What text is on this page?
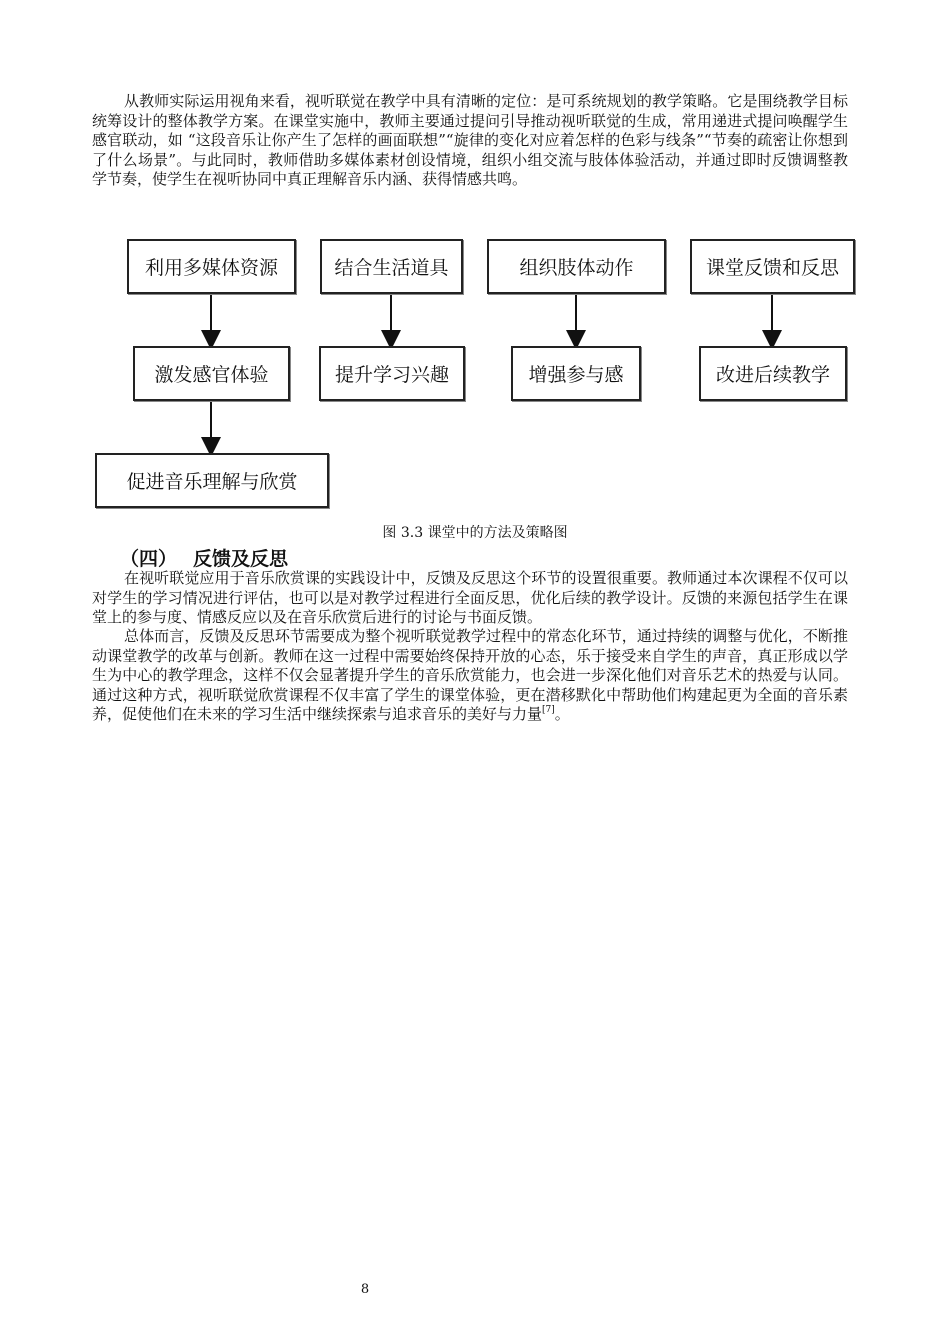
从教师实际运用视角来看，视听联觉在教学中具有清晰的定位：是可系统规划的教学策略。它是围绕教学目标统筹设计的整体教学方案。在课堂实施中，教师主要通过提问引导推动视听联觉的生成，常用递进式提问唤醒学生感官联动，如 “这段音乐让你产生了怎样的画面联想”“旋律的变化对应着怎样的色彩与线条”“节奏的疏密让你想到了什么场景”。与此同时，教师借助多媒体素材创设情境，组织小组交流与肢体体验活动，并通过即时反馈调整教学节奏，使学生在视听协同中真正理解音乐内涵、获得情感共鸣。

利用多媒体资源	结合生活道具	组织肢体动作	课堂反馈和反思
激发感官体验	提升学习兴趣	增强参与感	改进后续教学
促进音乐理解与欣赏
图 3.3 课堂中的方法及策略图
（四） 反馈及反思

在视听联觉应用于音乐欣赏课的实践设计中，反馈及反思这个环节的设置很重要。教师通过本次课程不仅可以对学生的学习情况进行评估，也可以是对教学过程进行全面反思，优化后续的教学设计。反馈的来源包括学生在课堂上的参与度、情感反应以及在音乐欣赏后进行的讨论与书面反馈。

总体而言，反馈及反思环节需要成为整个视听联觉教学过程中的常态化环节，通过持续的调整与优化，不断推动课堂教学的改革与创新。教师在这一过程中需要始终保持开放的心态，乐于接受来自学生的声音，真正形成以学生为中心的教学理念，这样不仅会显著提升学生的音乐欣赏能力，也会进一步深化他们对音乐艺术的热爱与认同。通过这种方式，视听联觉欣赏课程不仅丰富了学生的课堂体验，更在潜移默化中帮助他们构建起更为全面的音乐素养，促使他们在未来的学习生活中继续探索与追求音乐的美好与力量[7]。

8
